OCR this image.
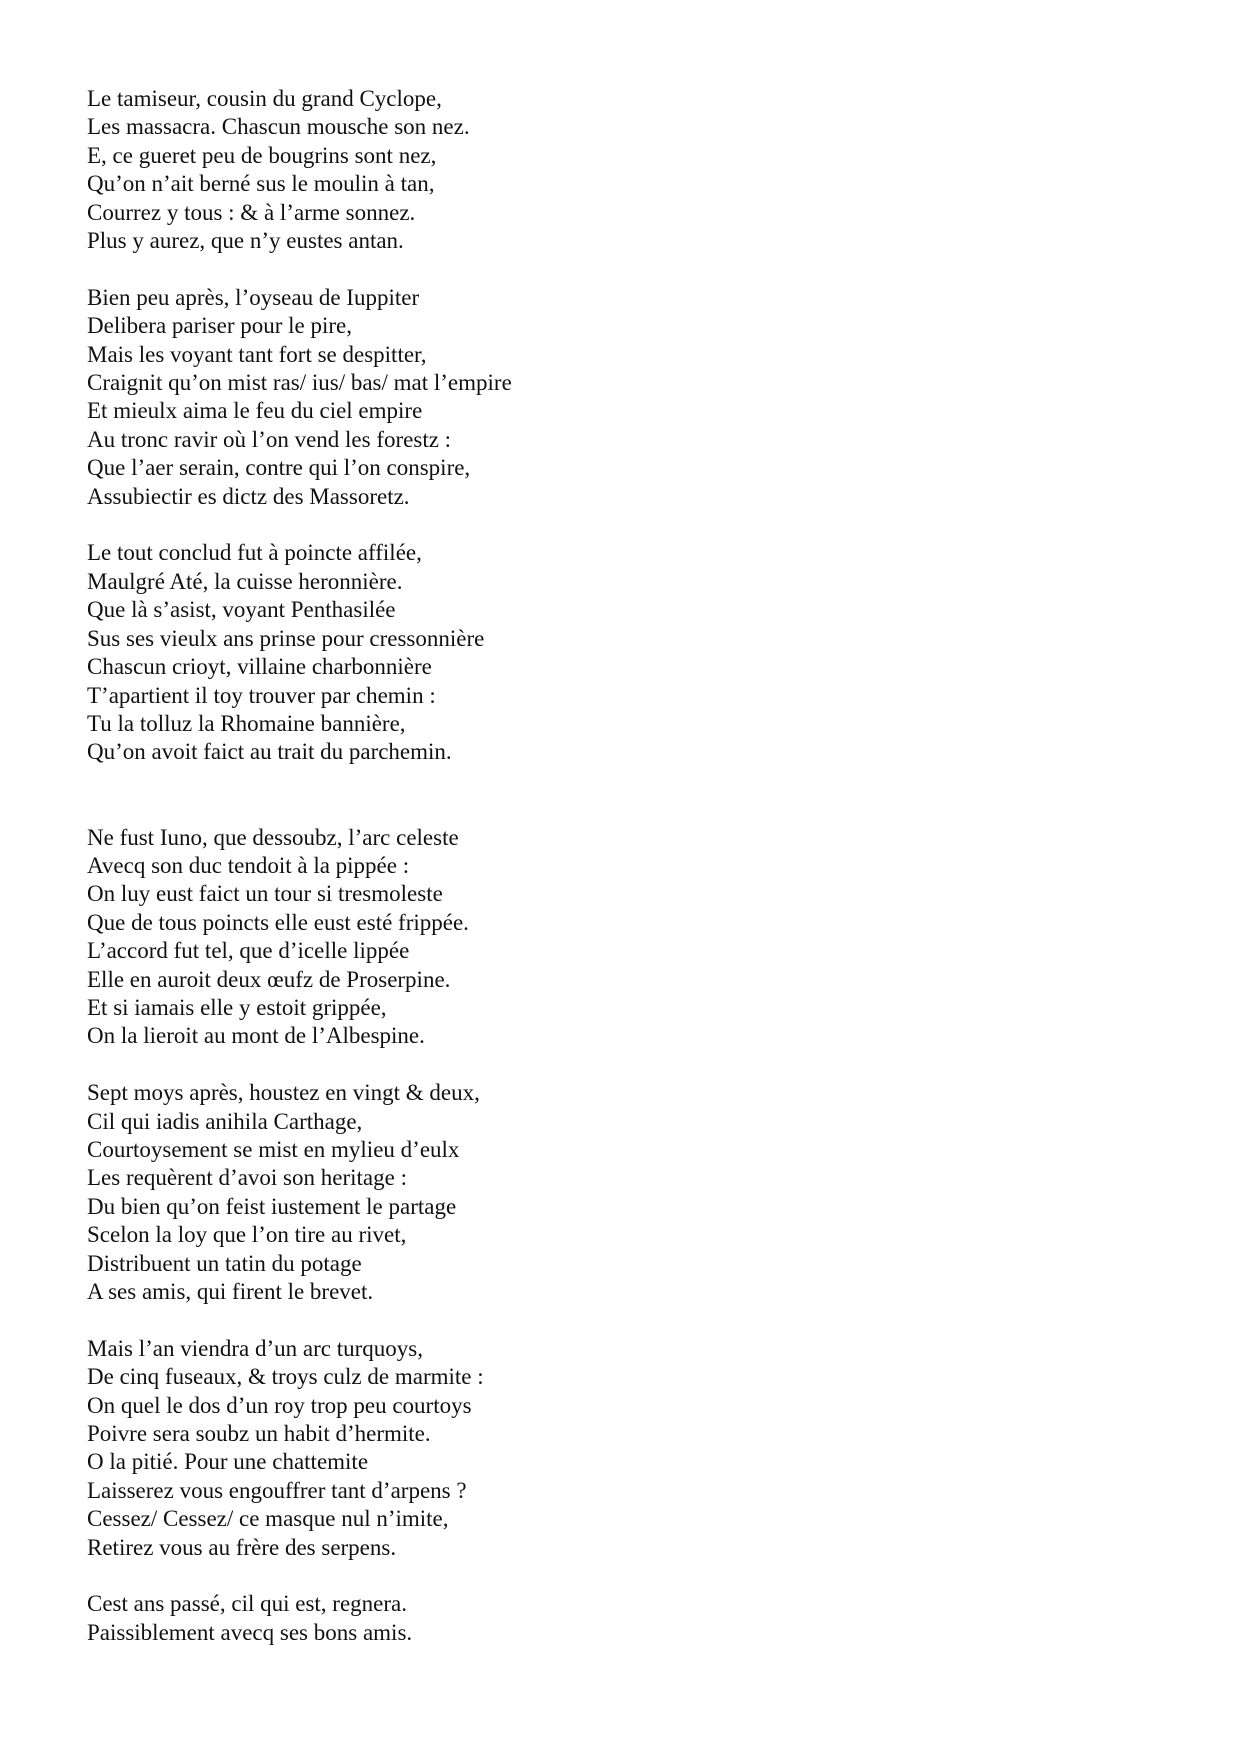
Le tamiseur, cousin du grand Cyclope,
Les massacra. Chascun mousche son nez.
E, ce gueret peu de bougrins sont nez,
Qu’on n’ait berné sus le moulin à tan,
Courrez y tous : & à l’arme sonnez.
Plus y aurez, que n’y eustes antan.
Bien peu après, l’oyseau de Iuppiter
Delibera pariser pour le pire,
Mais les voyant tant fort se despitter,
Craignit qu’on mist ras/ ius/ bas/ mat l’empire
Et mieulx aima le feu du ciel empire
Au tronc ravir où l’on vend les forestz :
Que l’aer serain, contre qui l’on conspire,
Assubiectir es dictz des Massoretz.
Le tout conclud fut à poincte affilée,
Maulgré Até, la cuisse heronnière.
Que là s’asist, voyant Penthasilée
Sus ses vieulx ans prinse pour cressonnière
Chascun crioyt, villaine charbonnière
T’apartient il toy trouver par chemin :
Tu la tolluz la Rhomaine bannière,
Qu’on avoit faict au trait du parchemin.
Ne fust Iuno, que dessoubz, l’arc celeste
Avecq son duc tendoit à la pippée :
On luy eust faict un tour si tresmoleste
Que de tous poincts elle eust esté frippée.
L’accord fut tel, que d’icelle lippée
Elle en auroit deux œufz de Proserpine.
Et si iamais elle y estoit grippée,
On la lieroit au mont de l’Albespine.
Sept moys après, houstez en vingt & deux,
Cil qui iadis anihila Carthage,
Courtoysement se mist en mylieu d’eulx
Les requèrent d’avoi son heritage :
Du bien qu’on feist iustement le partage
Scelon la loy que l’on tire au rivet,
Distribuent un tatin du potage
A ses amis, qui firent le brevet.
Mais l’an viendra d’un arc turquoys,
De cinq fuseaux, & troys culz de marmite :
On quel le dos d’un roy trop peu courtoys
Poivre sera soubz un habit d’hermite.
O la pitié. Pour une chattemite
Laisserez vous engouffrer tant d’arpens ?
Cessez/ Cessez/ ce masque nul n’imite,
Retirez vous au frère des serpens.
Cest ans passé, cil qui est, regnera.
Paissiblement avecq ses bons amis.
